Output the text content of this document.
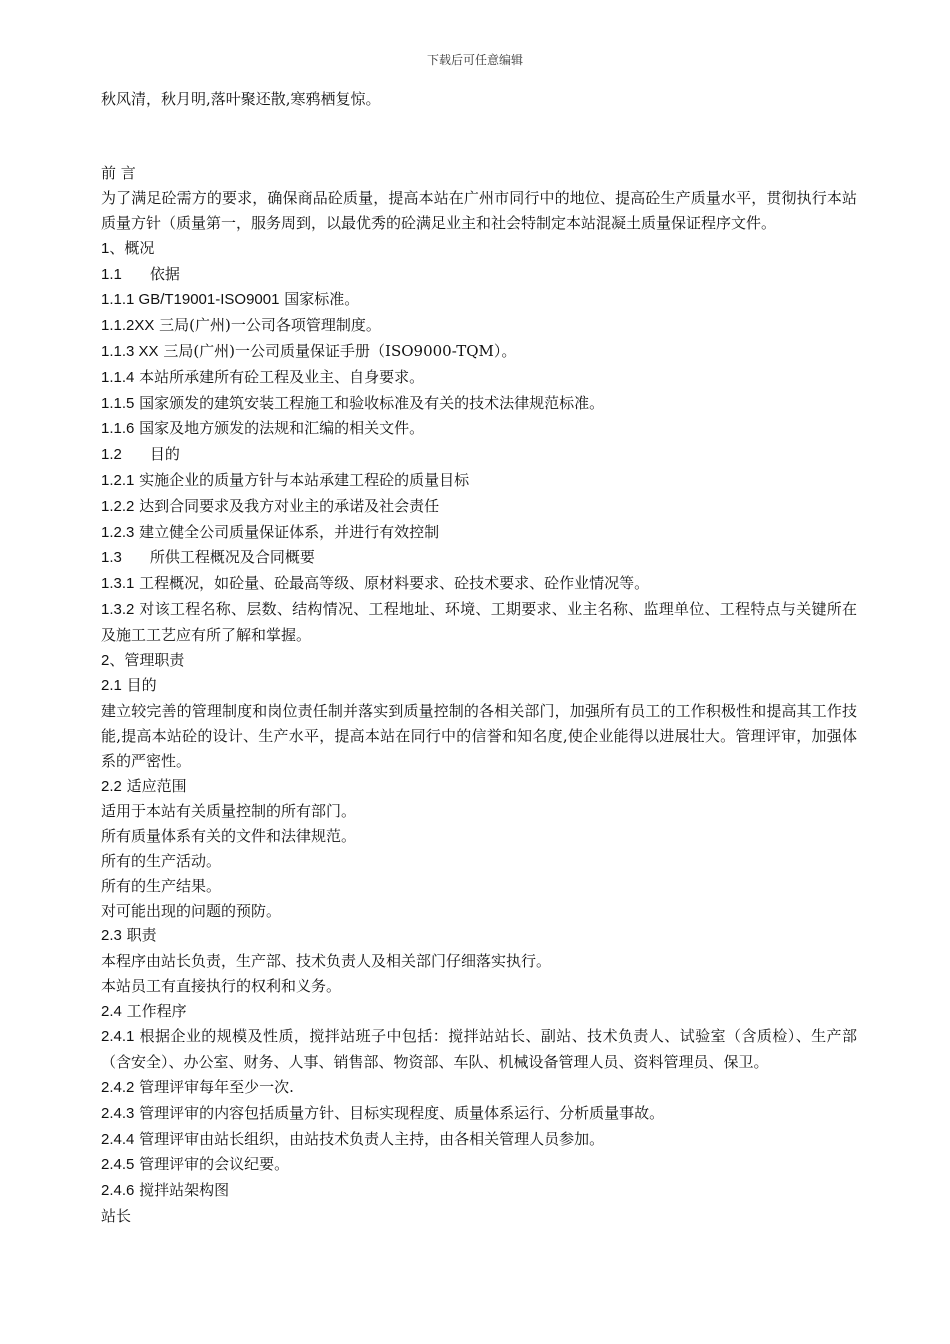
下载后可任意编辑

秋风清，秋月明,落叶聚还散,寒鸦栖复惊。

前 言

为了满足砼需方的要求，确保商品砼质量，提高本站在广州市同行中的地位、提高砼生产质量水平，贯彻执行本站质量方针（质量第一，服务周到，以最优秀的砼满足业主和社会特制定本站混凝土质量保证程序文件。

1、概况

1.1 依据

1.1.1 GB/T19001-ISO9001 国家标准。

1.1.2XX 三局(广州)一公司各项管理制度。

1.1.3 XX 三局(广州)一公司质量保证手册（ISO9000-TQM）。

1.1.4 本站所承建所有砼工程及业主、自身要求。

1.1.5 国家颁发的建筑安装工程施工和验收标准及有关的技术法律规范标准。

1.1.6 国家及地方颁发的法规和汇编的相关文件。

1.2 目的

1.2.1 实施企业的质量方针与本站承建工程砼的质量目标

1.2.2 达到合同要求及我方对业主的承诺及社会责任

1.2.3 建立健全公司质量保证体系，并进行有效控制

1.3 所供工程概况及合同概要

1.3.1 工程概况，如砼量、砼最高等级、原材料要求、砼技术要求、砼作业情况等。

1.3.2 对该工程名称、层数、结构情况、工程地址、环境、工期要求、业主名称、监理单位、工程特点与关键所在及施工工艺应有所了解和掌握。

2、管理职责

2.1 目的

建立较完善的管理制度和岗位责任制并落实到质量控制的各相关部门，加强所有员工的工作积极性和提高其工作技能,提高本站砼的设计、生产水平，提高本站在同行中的信誉和知名度,使企业能得以进展壮大。管理评审，加强体系的严密性。

2.2 适应范围

适用于本站有关质量控制的所有部门。

所有质量体系有关的文件和法律规范。

所有的生产活动。

所有的生产结果。

对可能出现的问题的预防。

2.3 职责

本程序由站长负责，生产部、技术负责人及相关部门仔细落实执行。

本站员工有直接执行的权利和义务。

2.4 工作程序

2.4.1 根据企业的规模及性质，搅拌站班子中包括：搅拌站站长、副站、技术负责人、试验室（含质检）、生产部（含安全）、办公室、财务、人事、销售部、物资部、车队、机械设备管理人员、资料管理员、保卫。

2.4.2 管理评审每年至少一次.

2.4.3 管理评审的内容包括质量方针、目标实现程度、质量体系运行、分析质量事故。

2.4.4 管理评审由站长组织，由站技术负责人主持，由各相关管理人员参加。

2.4.5 管理评审的会议纪要。

2.4.6 搅拌站架构图

站长
